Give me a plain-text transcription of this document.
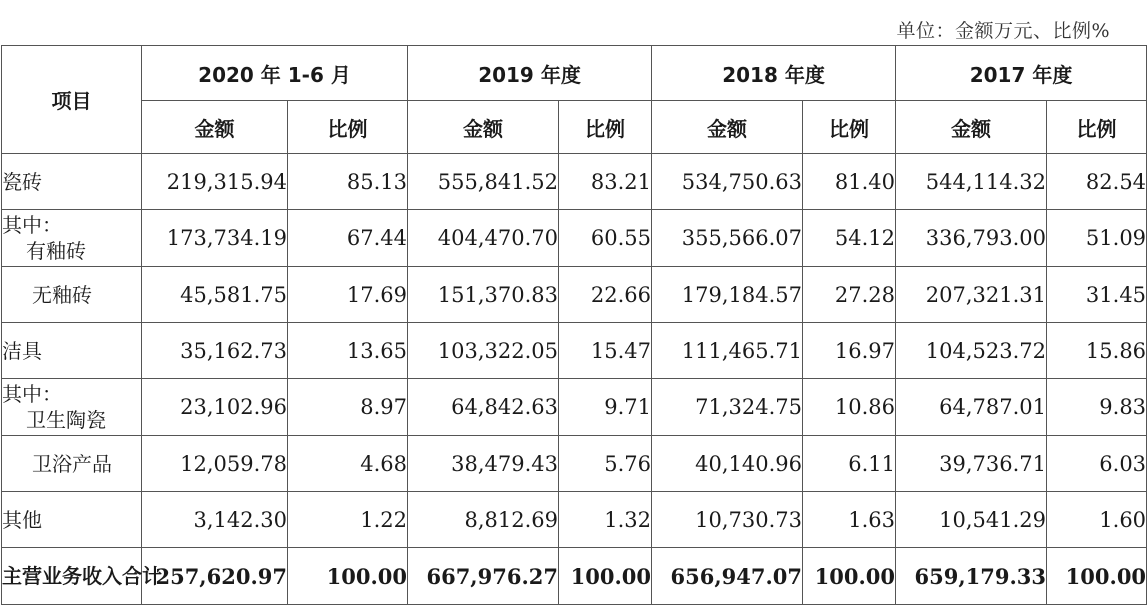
单位：金额万元、比例%
项目	2020 年 1-6 月		2019 年度		2018 年度		2017 年度	
	金额	比例	金额	比例	金额	比例	金额	比例
瓷砖	219,315.94	85.13	555,841.52	83.21	534,750.63	81.40	544,114.32	82.54
其中：
有釉砖	173,734.19	67.44	404,470.70	60.55	355,566.07	54.12	336,793.00	51.09
无釉砖	45,581.75	17.69	151,370.83	22.66	179,184.57	27.28	207,321.31	31.45
洁具	35,162.73	13.65	103,322.05	15.47	111,465.71	16.97	104,523.72	15.86
其中：
卫生陶瓷	23,102.96	8.97	64,842.63	9.71	71,324.75	10.86	64,787.01	9.83
卫浴产品	12,059.78	4.68	38,479.43	5.76	40,140.96	6.11	39,736.71	6.03
其他	3,142.30	1.22	8,812.69	1.32	10,730.73	1.63	10,541.29	1.60
主营业务收入合计	257,620.97	100.00	667,976.27	100.00	656,947.07	100.00	659,179.33	100.00
